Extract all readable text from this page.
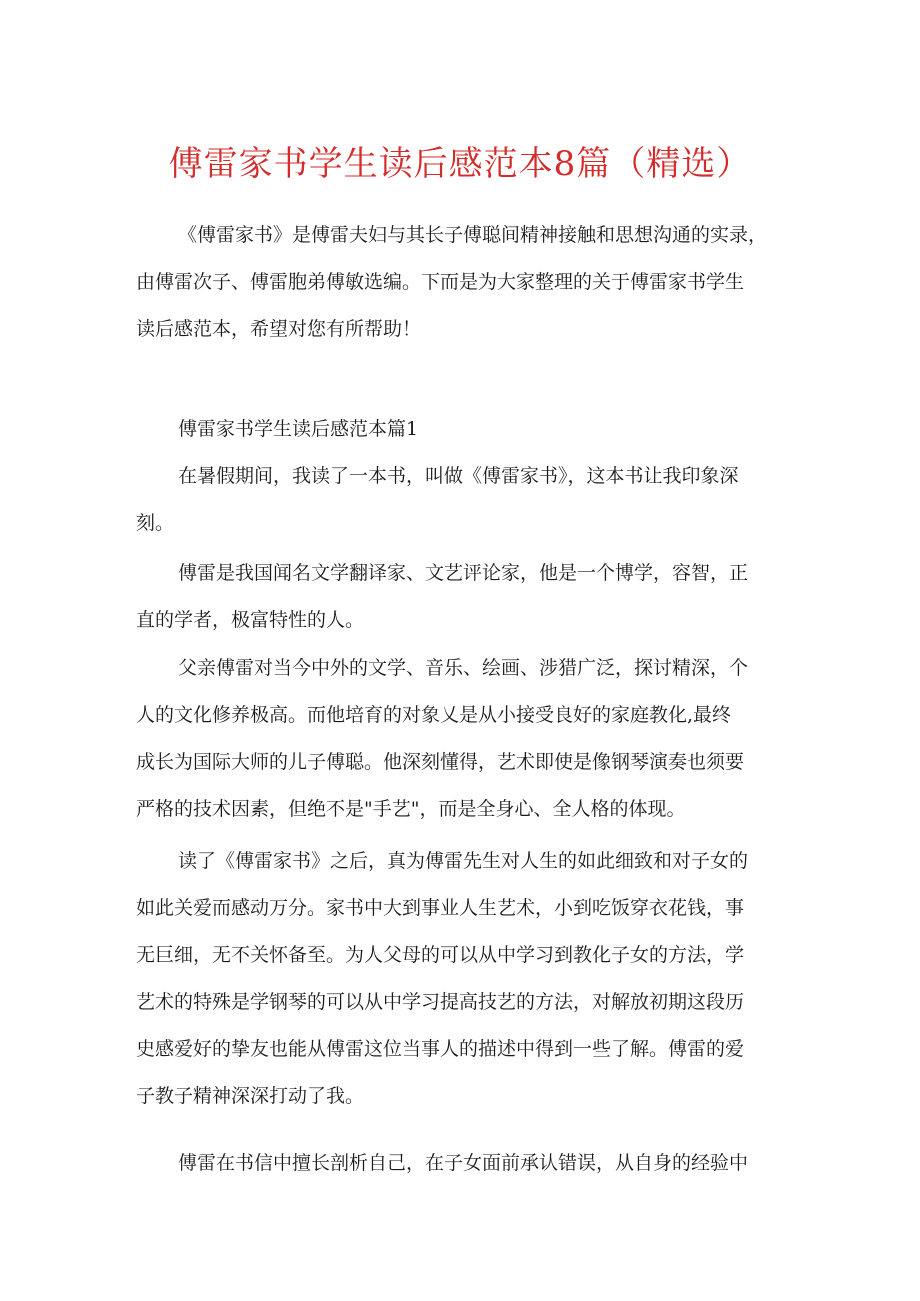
傅雷家书学生读后感范本8篇（精选）
《傅雷家书》是傅雷夫妇与其长子傅聪间精神接触和思想沟通的实录，
由傅雷次子、傅雷胞弟傅敏选编。下而是为大家整理的关于傅雷家书学生
读后感范本，希望对您有所帮助！
傅雷家书学生读后感范本篇1
在暑假期间，我读了一本书，叫做《傅雷家书》，这本书让我印象深
刻。
傅雷是我国闻名文学翻译家、文艺评论家，他是一个博学，容智，正
直的学者，极富特性的人。
父亲傅雷对当今中外的文学、音乐、绘画、涉猎广泛，探讨精深，个
人的文化修养极高。而他培育的对象乂是从小接受良好的家庭教化,最终
成长为国际大师的儿子傅聪。他深刻懂得，艺术即使是像钢琴演奏也须要
严格的技术因素，但绝不是"手艺"，而是全身心、全人格的体现。
读了《傅雷家书》之后，真为傅雷先生对人生的如此细致和对子女的
如此关爱而感动万分。家书中大到事业人生艺术，小到吃饭穿衣花钱，事
无巨细，无不关怀备至。为人父母的可以从中学习到教化子女的方法，学
艺术的特殊是学钢琴的可以从中学习提高技艺的方法，对解放初期这段历
史感爱好的挚友也能从傅雷这位当事人的描述中得到一些了解。傅雷的爱
子教子精神深深打动了我。
傅雷在书信中擅长剖析自己，在子女面前承认错误，从自身的经验中
